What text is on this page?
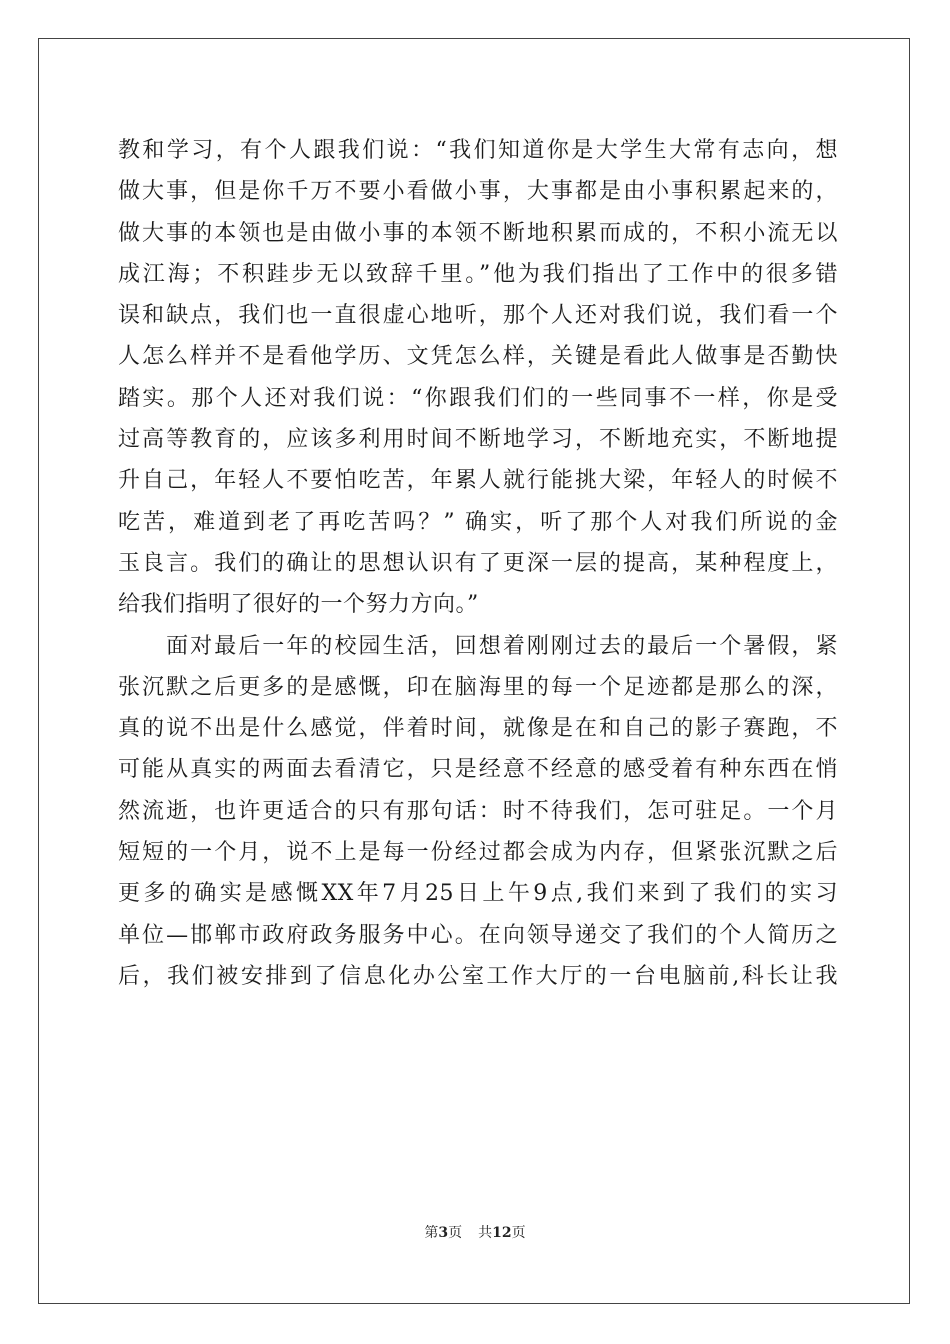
教和学习，有个人跟我们说：“我们知道你是大学生大常有志向，想
做大事，但是你千万不要小看做小事，大事都是由小事积累起来的，
做大事的本领也是由做小事的本领不断地积累而成的，不积小流无以
成江海；不积跬步无以致辞千里。”他为我们指出了工作中的很多错
误和缺点，我们也一直很虚心地听，那个人还对我们说，我们看一个
人怎么样并不是看他学历、文凭怎么样，关键是看此人做事是否勤快
踏实。那个人还对我们说：“你跟我们们的一些同事不一样，你是受
过高等教育的，应该多利用时间不断地学习，不断地充实，不断地提
升自己，年轻人不要怕吃苦，年累人就行能挑大梁，年轻人的时候不
吃苦，难道到老了再吃苦吗？” 确实，听了那个人对我们所说的金
玉良言。我们的确让的思想认识有了更深一层的提高，某种程度上，
给我们指明了很好的一个努力方向。”
　　面对最后一年的校园生活，回想着刚刚过去的最后一个暑假，紧
张沉默之后更多的是感慨，印在脑海里的每一个足迹都是那么的深，
真的说不出是什么感觉，伴着时间，就像是在和自己的影子赛跑，不
可能从真实的两面去看清它，只是经意不经意的感受着有种东西在悄
然流逝，也许更适合的只有那句话：时不待我们，怎可驻足。一个月
短短的一个月，说不上是每一份经过都会成为内存，但紧张沉默之后
更多的确实是感慨XX年7月25日上午9点,我们来到了我们的实习
单位—邯郸市政府政务服务中心。在向领导递交了我们的个人简历之
后，我们被安排到了信息化办公室工作大厅的一台电脑前,科长让我
第3页 共12页
